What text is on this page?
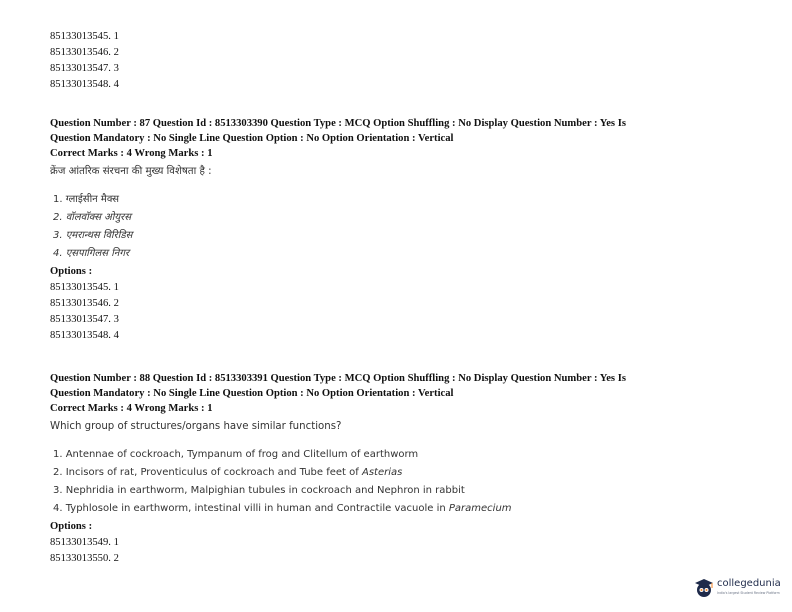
85133013545. 1
85133013546. 2
85133013547. 3
85133013548. 4
Question Number : 87 Question Id : 8513303390 Question Type : MCQ Option Shuffling : No Display Question Number : Yes Is
Question Mandatory : No Single Line Question Option : No Option Orientation : Vertical
Correct Marks : 4 Wrong Marks : 1
क्रेंज आंतरिक संरचना की मुख्य विशेषता है :
1. ग्लाईसीन मैक्स
2. वॉलवॉक्स ओयुरस
3. एमरान्थस विरिडिस
4. एसपागिलस निगर
Options :
85133013545. 1
85133013546. 2
85133013547. 3
85133013548. 4
Question Number : 88 Question Id : 8513303391 Question Type : MCQ Option Shuffling : No Display Question Number : Yes Is
Question Mandatory : No Single Line Question Option : No Option Orientation : Vertical
Correct Marks : 4 Wrong Marks : 1
Which group of structures/organs have similar functions?
1. Antennae of cockroach, Tympanum of frog and Clitellum of earthworm
2. Incisors of rat, Proventiculus of cockroach and Tube feet of Asterias
3. Nephridia in earthworm, Malpighian tubules in cockroach and Nephron in rabbit
4. Typhlosole in earthworm, intestinal villi in human and Contractile vacuole in Paramecium
Options :
85133013549. 1
85133013550. 2
collegedunia
India's largest Student Review Platform
